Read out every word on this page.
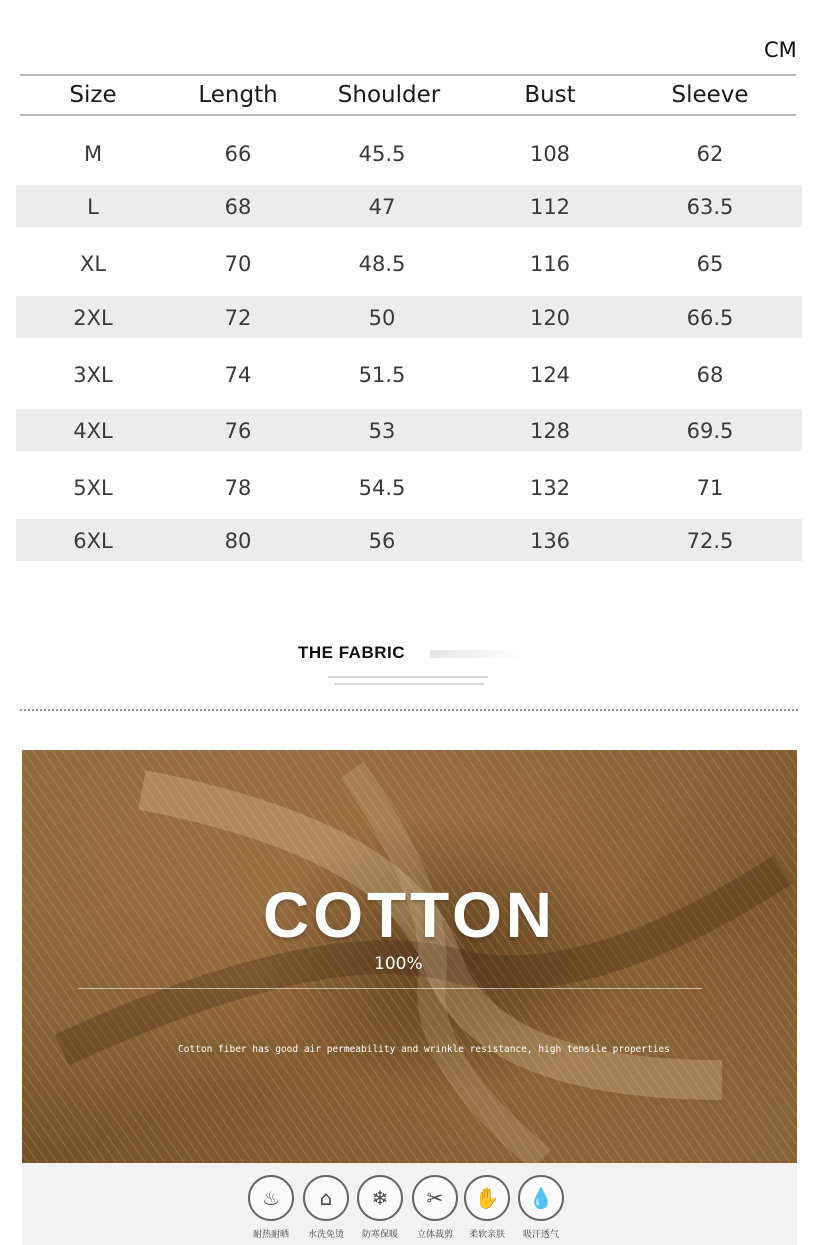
CM
Size	Length	Shoulder	Bust	Sleeve
M	66	45.5	108	62
L	68	47	112	63.5
XL	70	48.5	116	65
2XL	72	50	120	66.5
3XL	74	51.5	124	68
4XL	76	53	128	69.5
5XL	78	54.5	132	71
6XL	80	56	136	72.5
THE FABRIC
COTTON
100%
Cotton fiber has good air permeability and wrinkle resistance, high tensile properties
♨
耐热耐晒
⌂
水洗免烫
❄
防寒保暖
✂
立体裁剪
✋
柔软亲肤
💧
吸汗透气
